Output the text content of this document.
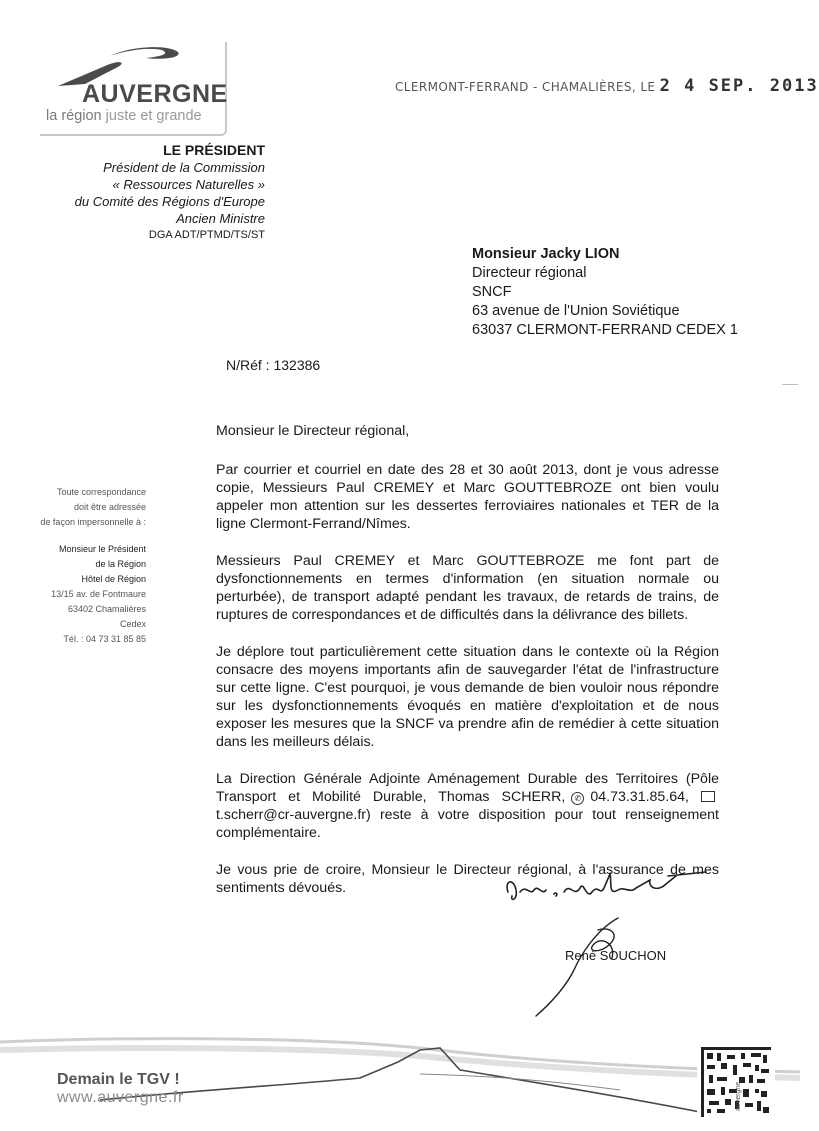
AUVERGNE
la région juste et grande
CLERMONT-FERRAND - CHAMALIÈRES, LE 2 4 SEP. 2013
LE PRÉSIDENT
Président de la Commission
« Ressources Naturelles »
du Comité des Régions d'Europe
Ancien Ministre
DGA ADT/PTMD/TS/ST
Monsieur Jacky LION
Directeur régional
SNCF
63 avenue de l'Union Soviétique
63037 CLERMONT-FERRAND CEDEX 1
N/Réf : 132386

Monsieur le Directeur régional,

Par courrier et courriel en date des 28 et 30 août 2013, dont je vous adresse copie, Messieurs Paul CREMEY et Marc GOUTTEBROZE ont bien voulu appeler mon attention sur les dessertes ferroviaires nationales et TER de la ligne Clermont-Ferrand/Nîmes.

Messieurs Paul CREMEY et Marc GOUTTEBROZE me font part de dysfonctionnements en termes d'information (en situation normale ou perturbée), de transport adapté pendant les travaux, de retards de trains, de ruptures de correspondances et de difficultés dans la délivrance des billets.

Je déplore tout particulièrement cette situation dans le contexte où la Région consacre des moyens importants afin de sauvegarder l'état de l'infrastructure sur cette ligne. C'est pourquoi, je vous demande de bien vouloir nous répondre sur les dysfonctionnements évoqués en matière d'exploitation et de nous exposer les mesures que la SNCF va prendre afin de remédier à cette situation dans les meilleurs délais.

La Direction Générale Adjointe Aménagement Durable des Territoires (Pôle Transport et Mobilité Durable, Thomas SCHERR, ✆ 04.73.31.85.64, t.scherr@cr-auvergne.fr) reste à votre disposition pour tout renseignement complémentaire.

Je vous prie de croire, Monsieur le Directeur régional, à l'assurance de mes sentiments dévoués.

Toute correspondance
doit être adressée
de façon impersonnelle à :
Monsieur le Président
de la Région
Hôtel de Région
13/15 av. de Fontmaure
63402 Chamalières Cedex
Tél. : 04 73 31 85 85
René SOUCHON
Demain le TGV !
www.auvergne.fr	auvergne
